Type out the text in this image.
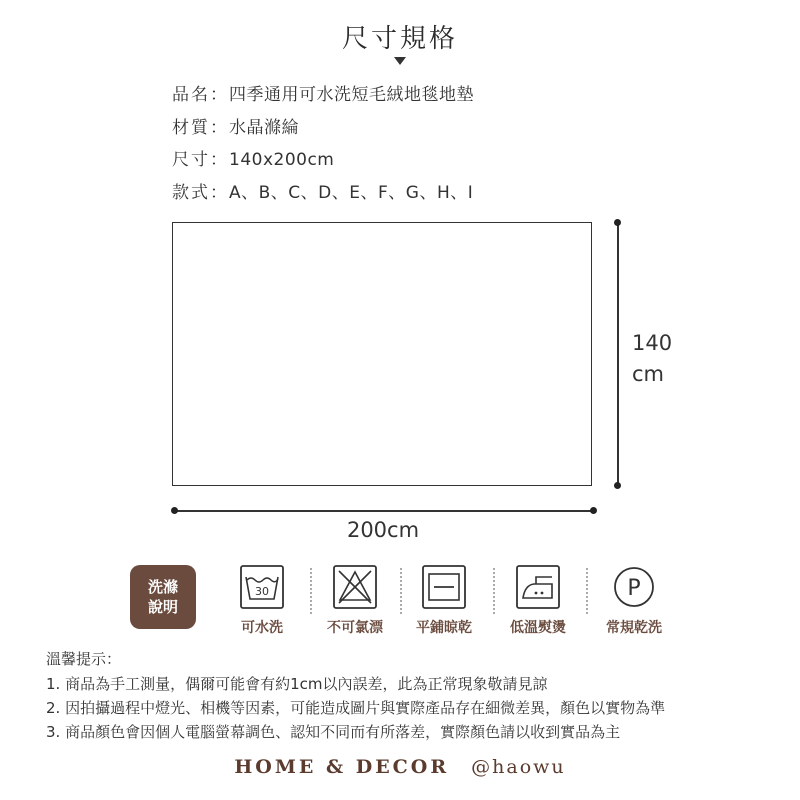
尺寸規格
品名：四季通用可水洗短毛絨地毯地墊
材質：水晶滌綸
尺寸：140x200cm
款式：A、B、C、D、E、F、G、H、I
140
cm
200cm
洗滌
說明
30
可水洗	不可氯漂	平鋪晾乾	低溫熨燙
P
常規乾洗
溫馨提示：
1. 商品為手工測量，偶爾可能會有約1cm以內誤差，此為正常現象敬請見諒
2. 因拍攝過程中燈光、相機等因素，可能造成圖片與實際產品存在細微差異，顏色以實物為準
3. 商品顏色會因個人電腦螢幕調色、認知不同而有所落差，實際顏色請以收到實品為主
HOME & DECOR @haowu
